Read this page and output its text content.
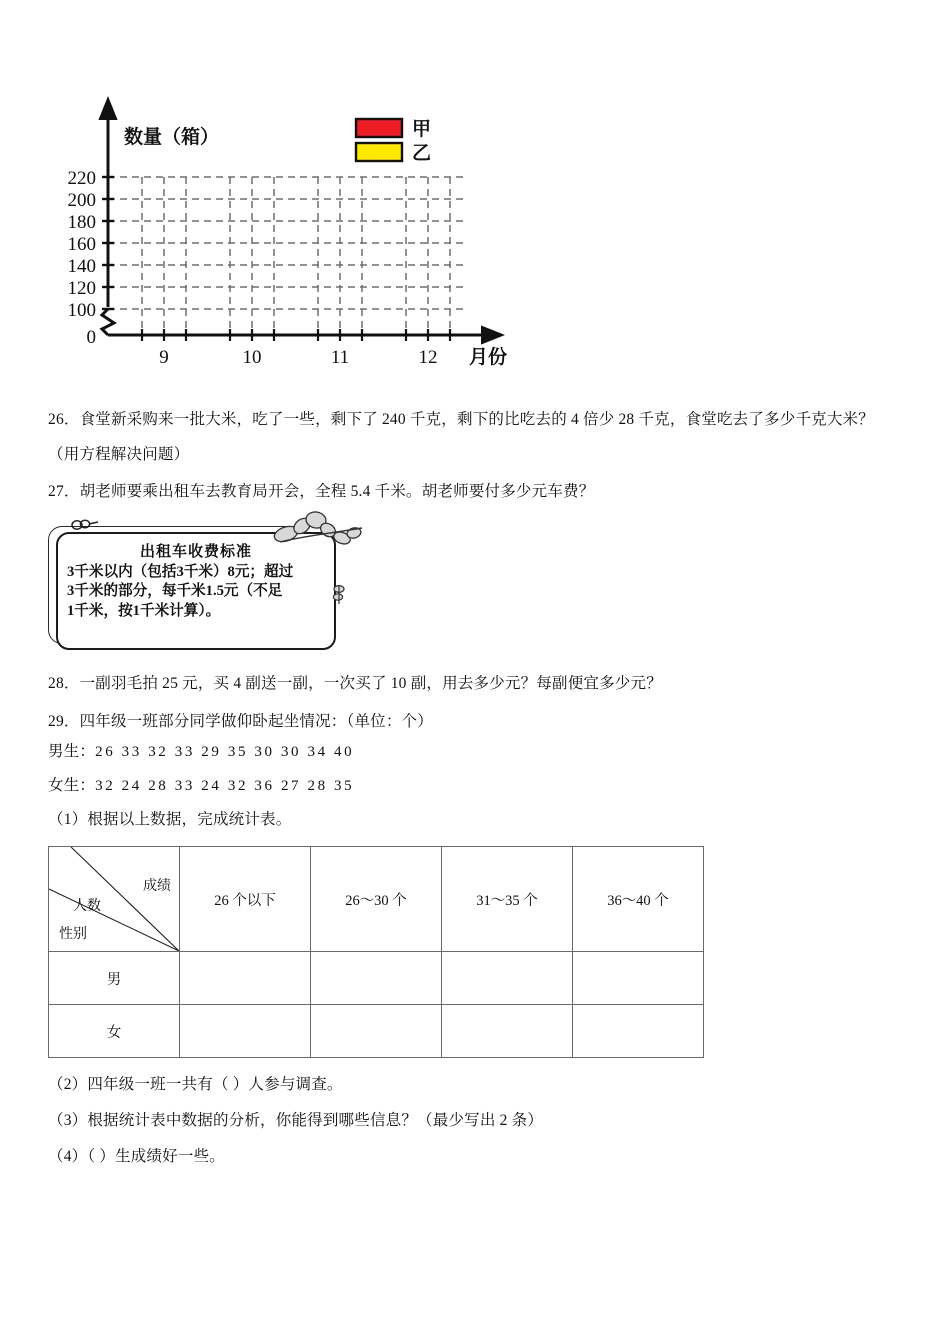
220
200
180
160
140
120
100
0
9	10	11	12
数量（箱）
月份
甲
乙
26．食堂新采购来一批大米，吃了一些，剩下了 240 千克，剩下的比吃去的 4 倍少 28 千克，食堂吃去了多少千克大米？
（用方程解决问题）
27．胡老师要乘出租车去教育局开会，全程 5.4 千米。胡老师要付多少元车费？
出租车收费标准
3千米以内（包括3千米）8元；超过
3千米的部分，每千米1.5元（不足
1千米，按1千米计算）。
28．一副羽毛拍 25 元，买 4 副送一副，一次买了 10 副，用去多少元？每副便宜多少元？
29．四年级一班部分同学做仰卧起坐情况：（单位：个）
男生：26 33 32 33 29 35 30 30 34 40
女生：32 24 28 33 24 32 36 27 28 35
（1）根据以上数据，完成统计表。
成绩
人数
性别	26 个以下	26～30 个	31～35 个	36～40 个
男				
女				
（2）四年级一班一共有（ ）人参与调查。
（3）根据统计表中数据的分析，你能得到哪些信息？（最少写出 2 条）
（4）（ ）生成绩好一些。
